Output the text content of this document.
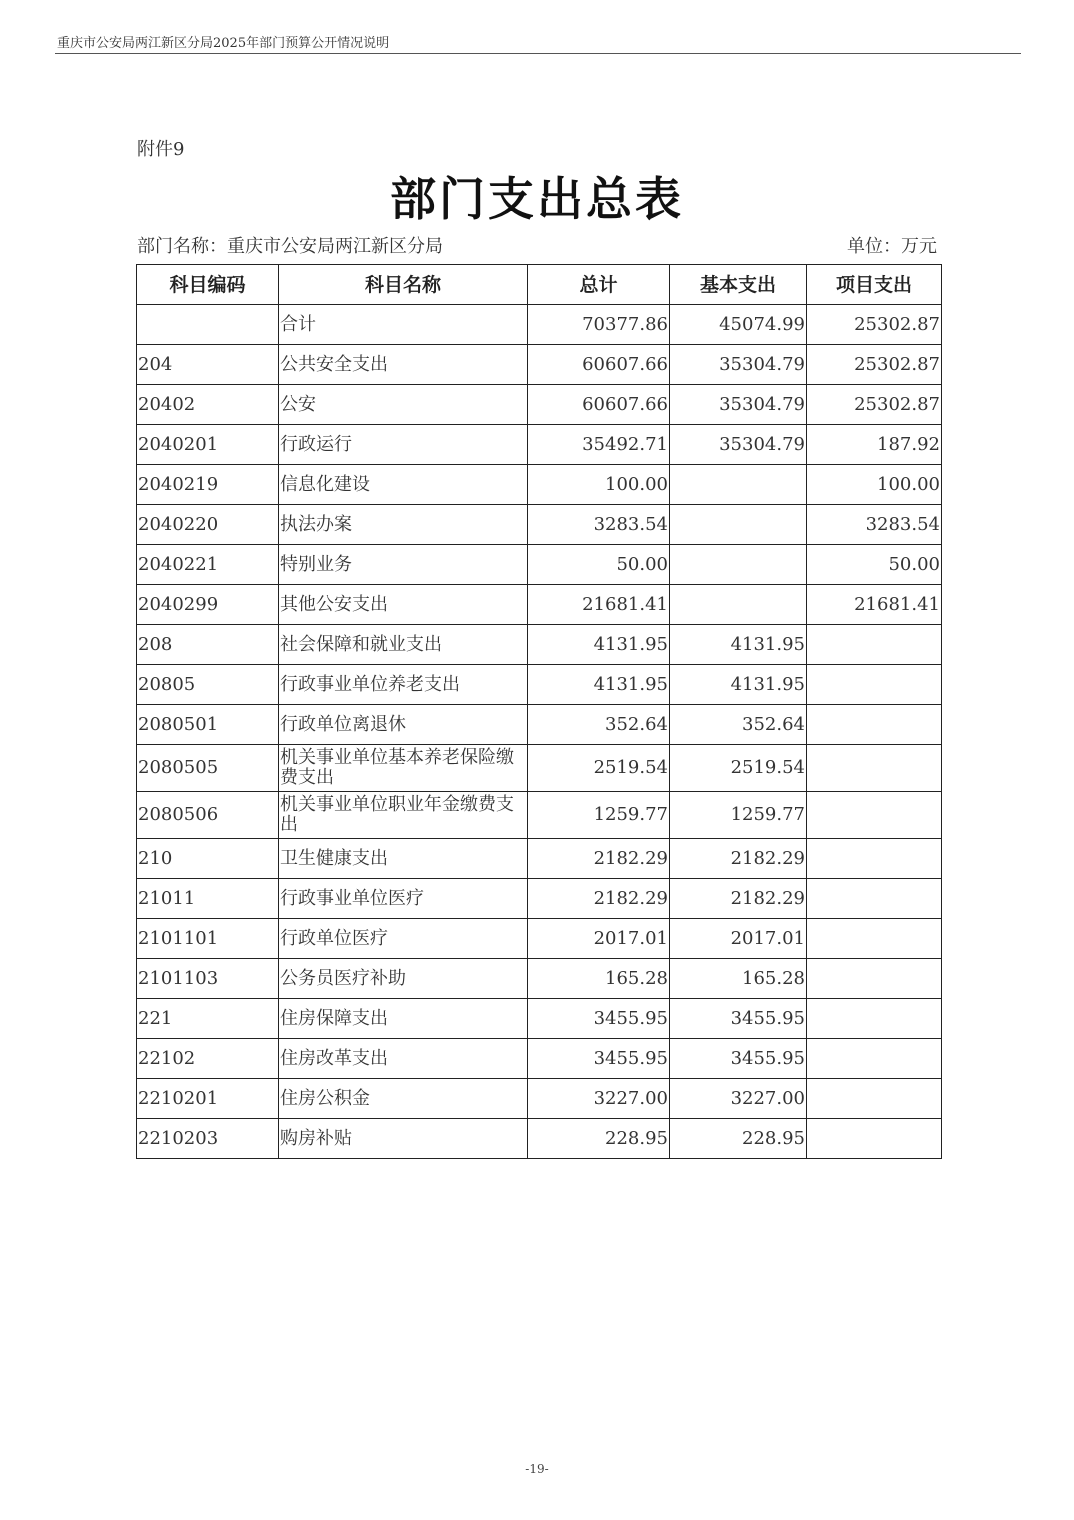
重庆市公安局两江新区分局2025年部门预算公开情况说明
附件9
部门支出总表
部门名称：重庆市公安局两江新区分局	单位：万元
科目编码	科目名称	总计	基本支出	项目支出
	合计	70377.86	45074.99	25302.87
204	公共安全支出	60607.66	35304.79	25302.87
20402	公安	60607.66	35304.79	25302.87
2040201	行政运行	35492.71	35304.79	187.92
2040219	信息化建设	100.00		100.00
2040220	执法办案	3283.54		3283.54
2040221	特别业务	50.00		50.00
2040299	其他公安支出	21681.41		21681.41
208	社会保障和就业支出	4131.95	4131.95	
20805	行政事业单位养老支出	4131.95	4131.95	
2080501	行政单位离退休	352.64	352.64	
2080505	机关事业单位基本养老保险缴费支出	2519.54	2519.54	
2080506	机关事业单位职业年金缴费支出	1259.77	1259.77	
210	卫生健康支出	2182.29	2182.29	
21011	行政事业单位医疗	2182.29	2182.29	
2101101	行政单位医疗	2017.01	2017.01	
2101103	公务员医疗补助	165.28	165.28	
221	住房保障支出	3455.95	3455.95	
22102	住房改革支出	3455.95	3455.95	
2210201	住房公积金	3227.00	3227.00	
2210203	购房补贴	228.95	228.95	
-19-
